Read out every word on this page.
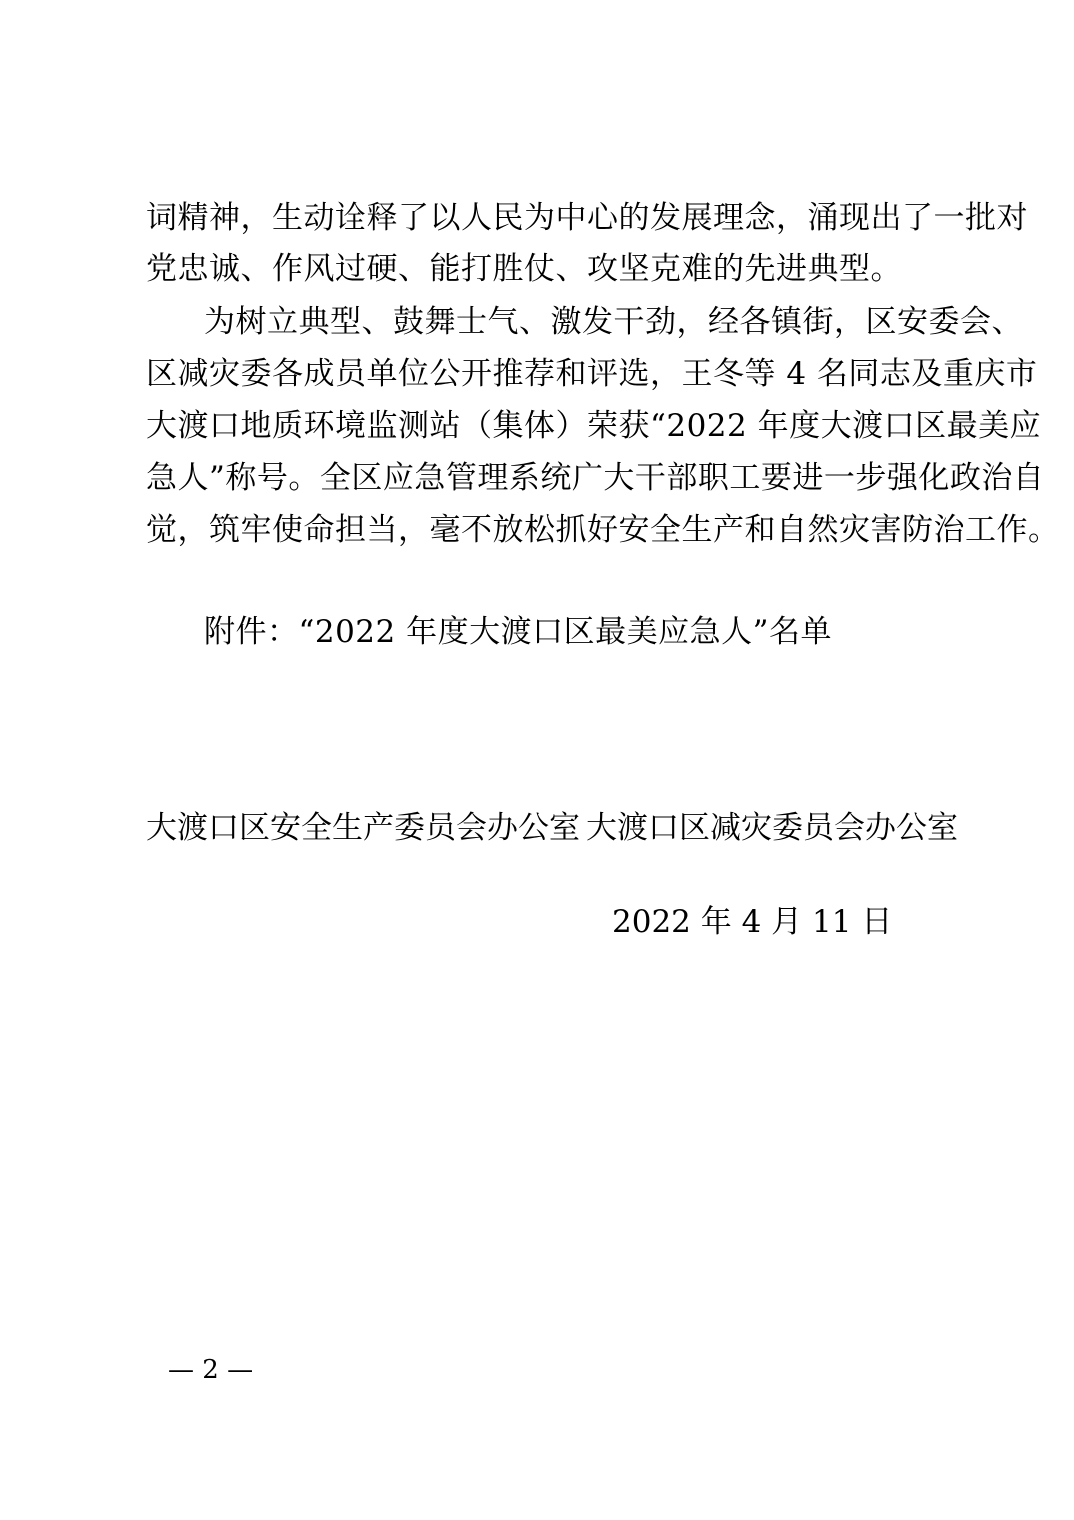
词精神，生动诠释了以人民为中心的发展理念，涌现出了一批对
党忠诚、作风过硬、能打胜仗、攻坚克难的先进典型。
为树立典型、鼓舞士气、激发干劲，经各镇街，区安委会、
区减灾委各成员单位公开推荐和评选，王冬等 4 名同志及重庆市
大渡口地质环境监测站（集体）荣获“2022 年度大渡口区最美应
急人”称号。全区应急管理系统广大干部职工要进一步强化政治自
觉，筑牢使命担当，毫不放松抓好安全生产和自然灾害防治工作。
附件：“2022 年度大渡口区最美应急人”名单
大渡口区安全生产委员会办公室 大渡口区减灾委员会办公室
2022 年 4 月 11 日
— 2 —
